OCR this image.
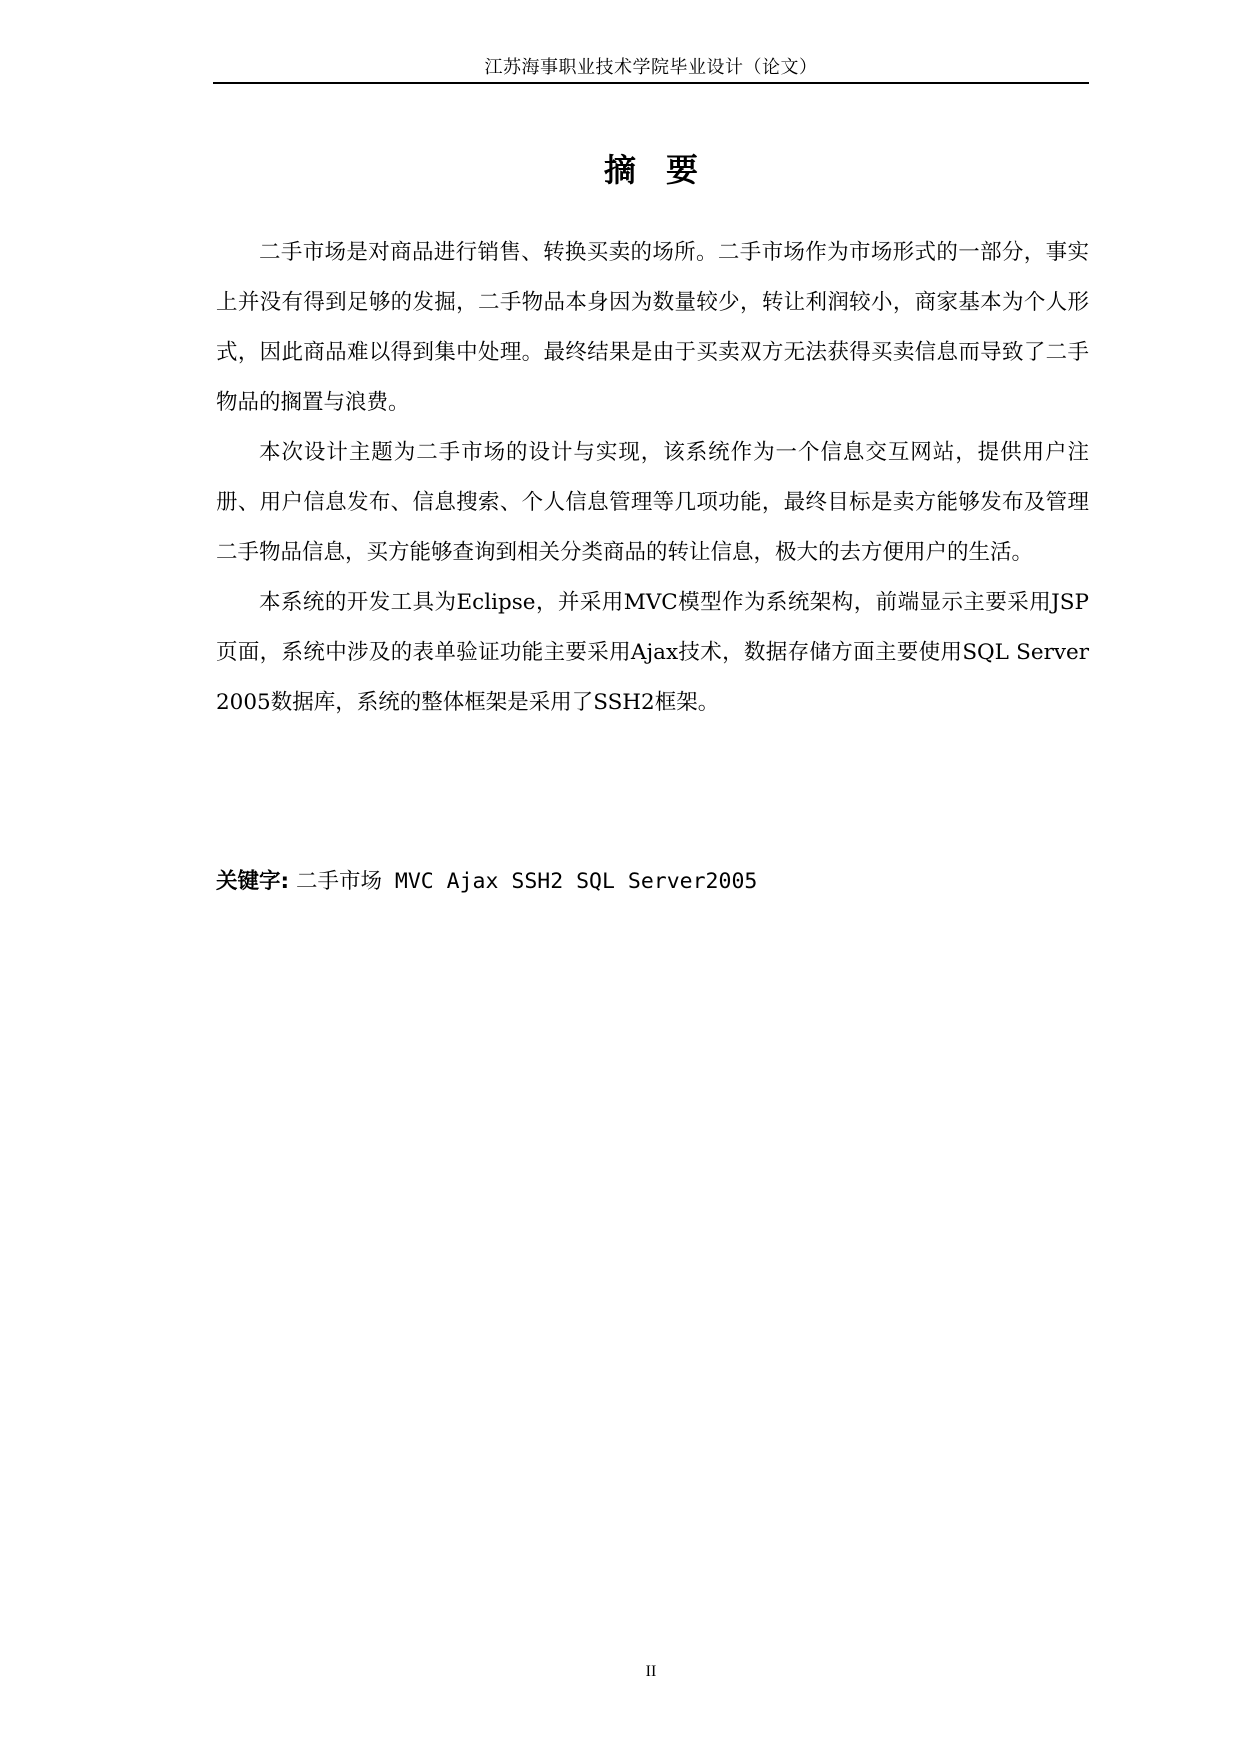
江苏海事职业技术学院毕业设计（论文）
摘要

二手市场是对商品进行销售、转换买卖的场所。二手市场作为市场形式的一部分，事实上并没有得到足够的发掘，二手物品本身因为数量较少，转让利润较小，商家基本为个人形式，因此商品难以得到集中处理。最终结果是由于买卖双方无法获得买卖信息而导致了二手物品的搁置与浪费。

本次设计主题为二手市场的设计与实现，该系统作为一个信息交互网站，提供用户注册、用户信息发布、信息搜索、个人信息管理等几项功能，最终目标是卖方能够发布及管理二手物品信息，买方能够查询到相关分类商品的转让信息，极大的去方便用户的生活。

本系统的开发工具为Eclipse，并采用MVC模型作为系统架构，前端显示主要采用JSP页面，系统中涉及的表单验证功能主要采用Ajax技术，数据存储方面主要使用SQL Server 2005数据库，系统的整体框架是采用了SSH2框架。

关键字: 二手市场 MVC Ajax SSH2 SQL Server2005
II
